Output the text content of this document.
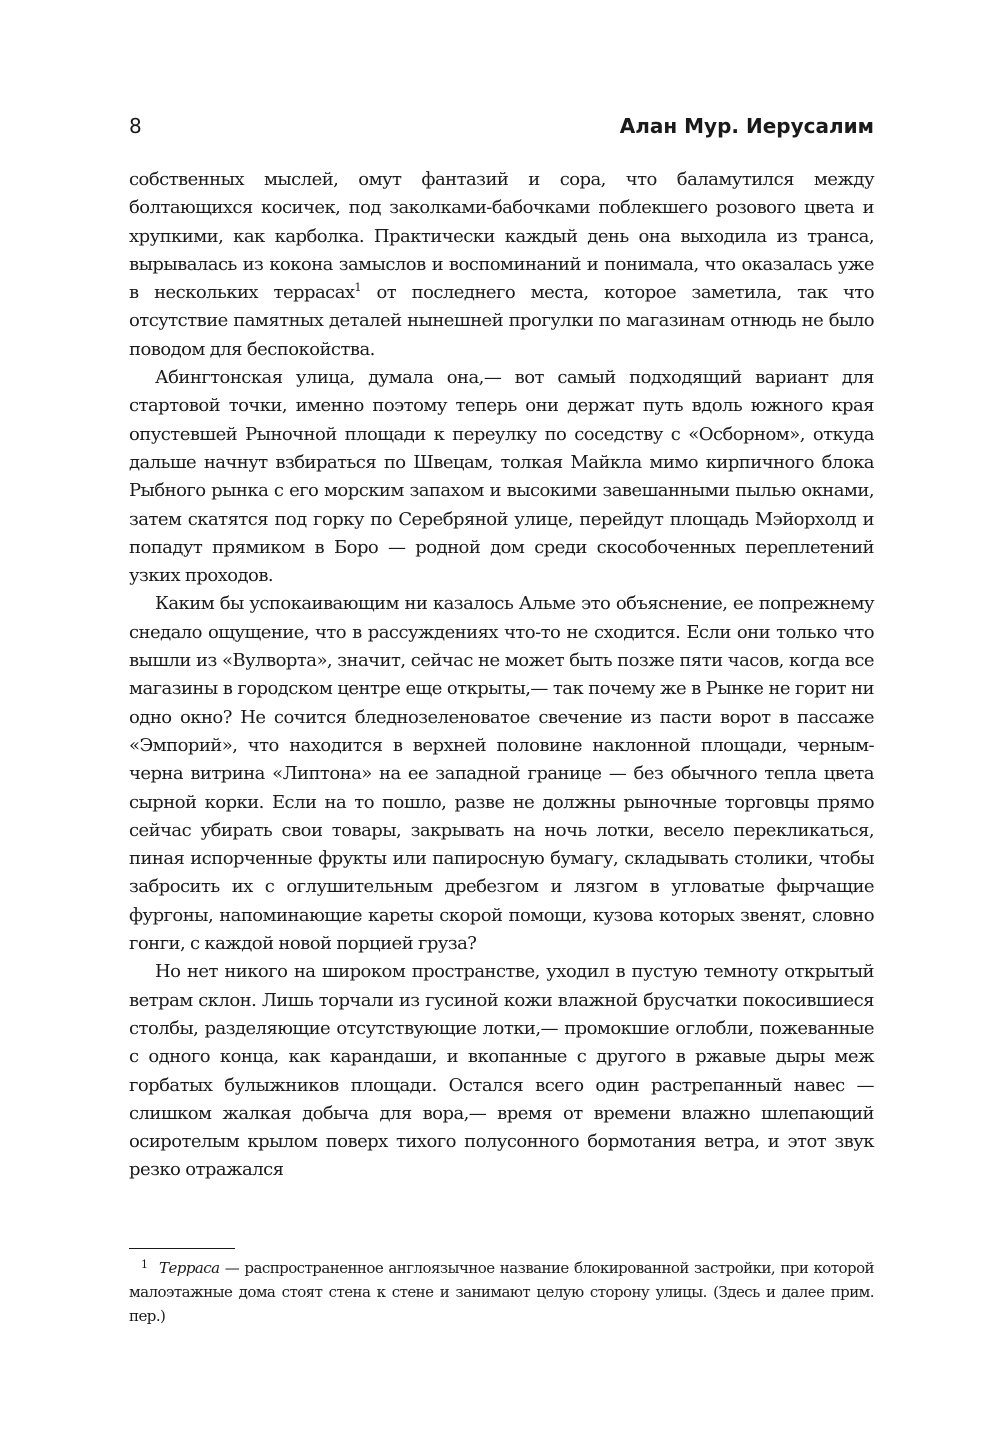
8	Алан Мур. Иерусалим

собственных мыслей, омут фантазий и сора, что баламутился между болтающихся косичек, под заколками-бабочками поблекшего розового цвета и хрупкими, как карболка. Практически каждый день она выходила из транса, вырывалась из кокона замыслов и воспоминаний и понимала, что оказалась уже в нескольких террасах$^1$ от последнего места, которое заметила, так что отсутствие памятных деталей нынешней прогулки по магазинам отнюдь не было поводом для беспокойства.

Абингтонская улица, думала она,— вот самый подходящий вариант для стартовой точки, именно поэтому теперь они держат путь вдоль южного края опустевшей Рыночной площади к переулку по соседству с «Осборном», откуда дальше начнут взбираться по Швецам, толкая Майкла мимо кирпичного блока Рыбного рынка с его морским запахом и высокими завешанными пылью окнами, затем скатятся под горку по Серебряной улице, перейдут площадь Мэйорхолд и попадут прямиком в Боро — родной дом среди скособоченных переплетений узких проходов.

Каким бы успокаивающим ни казалось Альме это объяснение, ее попрежнему снедало ощущение, что в рассуждениях что-то не сходится. Если они только что вышли из «Вулворта», значит, сейчас не может быть позже пяти часов, когда все магазины в городском центре еще открыты,— так почему же в Рынке не горит ни одно окно? Не сочится бледнозеленоватое свечение из пасти ворот в пассаже «Эмпорий», что находится в верхней половине наклонной площади, черным-черна витрина «Липтона» на ее западной границе — без обычного тепла цвета сырной корки. Если на то пошло, разве не должны рыночные торговцы прямо сейчас убирать свои товары, закрывать на ночь лотки, весело перекликаться, пиная испорченные фрукты или папиросную бумагу, складывать столики, чтобы забросить их с оглушительным дребезгом и лязгом в угловатые фырчащие фургоны, напоминающие кареты скорой помощи, кузова которых звенят, словно гонги, с каждой новой порцией груза?

Но нет никого на широком пространстве, уходил в пустую темноту открытый ветрам склон. Лишь торчали из гусиной кожи влажной брусчатки покосившиеся столбы, разделяющие отсутствующие лотки,— промокшие оглобли, пожеванные с одного конца, как карандаши, и вкопанные с другого в ржавые дыры меж горбатых булыжников площади. Остался всего один растрепанный навес — слишком жалкая добыча для вора,— время от времени влажно шлепающий осиротелым крылом поверх тихого полусонного бормотания ветра, и этот звук резко отражался

1 Терраса — распространенное англоязычное название блокированной застройки, при которой малоэтажные дома стоят стена к стене и занимают целую сторону улицы. (Здесь и далее прим. пер.)
